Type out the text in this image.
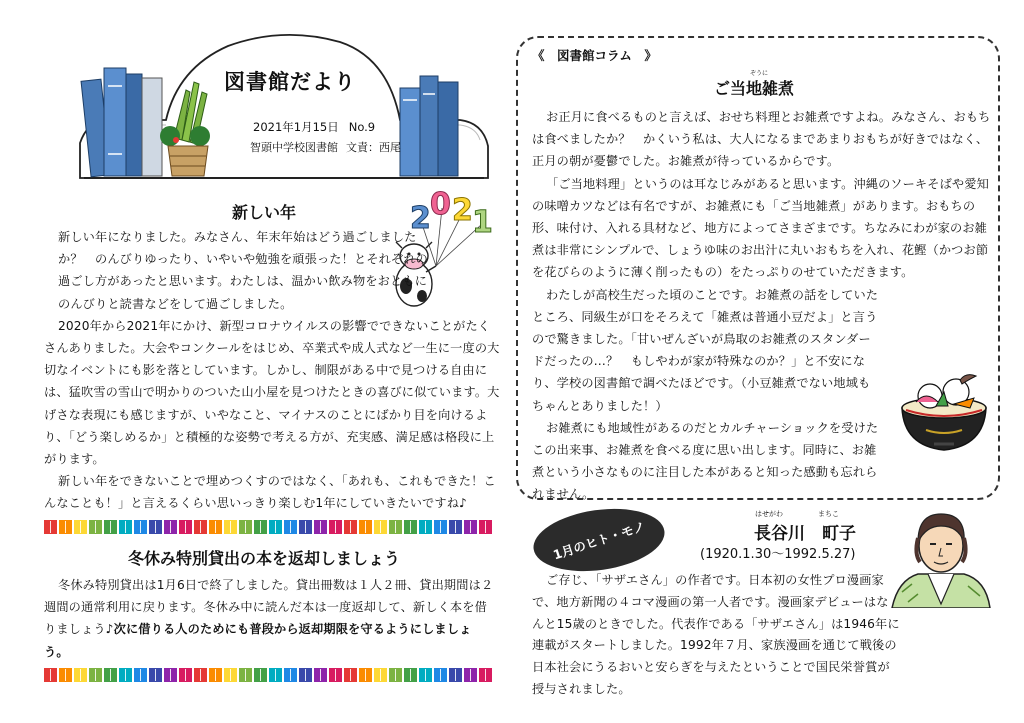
図書館だより
2021年1月15日 No.9
智頭中学校図書館 文責：西尾
新しい年	2 0 2 1

新しい年になりました。みなさん、年末年始はどう過ごしましたか？　のんびりゆったり、いやいや勉強を頑張った！とそれぞれの過ごし方があったと思います。わたしは、温かい飲み物をおともにのんびりと読書などをして過ごしました。

2020年から2021年にかけ、新型コロナウイルスの影響でできないことがたくさんありました。大会やコンクールをはじめ、卒業式や成人式など一生に一度の大切なイベントにも影を落としています。しかし、制限がある中で見つける自由には、猛吹雪の雪山で明かりのついた山小屋を見つけたときの喜びに似ています。大げさな表現にも感じますが、いやなこと、マイナスのことにばかり目を向けるより、「どう楽しめるか」と積極的な姿勢で考える方が、充実感、満足感は格段に上がります。

新しい年をできないことで埋めつくすのではなく、「あれも、これもできた！こんなことも！」と言えるくらい思いっきり楽しむ1年にしていきたいですね♪

冬休み特別貸出の本を返却しましょう

冬休み特別貸出は1月6日で終了しました。貸出冊数は１人２冊、貸出期間は２週間の通常利用に戻ります。冬休み中に読んだ本は一度返却して、新しく本を借りましょう♪次に借りる人のためにも普段から返却期限を守るようにしましょう。

《　図書館コラム　》
ぞうに
ご当地雑煮

お正月に食べるものと言えば、おせち料理とお雑煮ですよね。みなさん、おもちは食べましたか？　かくいう私は、大人になるまであまりおもちが好きではなく、正月の朝が憂鬱でした。お雑煮が待っているからです。

「ご当地料理」というのは耳なじみがあると思います。沖縄のソーキそばや愛知の味噌カツなどは有名ですが、お雑煮にも「ご当地雑煮」があります。おもちの形、味付け、入れる具材など、地方によってさまざまです。ちなみにわが家のお雑煮は非常にシンプルで、しょうゆ味のお出汁に丸いおもちを入れ、花鰹（かつお節を花びらのように薄く削ったもの）をたっぷりのせていただきます。

わたしが高校生だった頃のことです。お雑煮の話をしていたところ、同級生が口をそろえて「雑煮は普通小豆だよ」と言うので驚きました。「甘いぜんざいが鳥取のお雑煮のスタンダードだったの…？　もしやわが家が特殊なのか？」と不安になり、学校の図書館で調べたほどです。（小豆雑煮でない地域もちゃんとありました！）

お雑煮にも地域性があるのだとカルチャーショックを受けたこの出来事、お雑煮を食べる度に思い出します。同時に、お雑煮という小さなものに注目した本があると知った感動も忘れられません。

1月のヒト・モノ
はせがわ	まちこ
長谷川　町子
(1920.1.30〜1992.5.27)

ご存じ、「サザエさん」の作者です。日本初の女性プロ漫画家で、地方新聞の４コマ漫画の第一人者です。漫画家デビューはなんと15歳のときでした。代表作である「サザエさん」は1946年に連載がスタートしました。1992年７月、家族漫画を通じて戦後の日本社会にうるおいと安らぎを与えたということで国民栄誉賞が授与されました。
